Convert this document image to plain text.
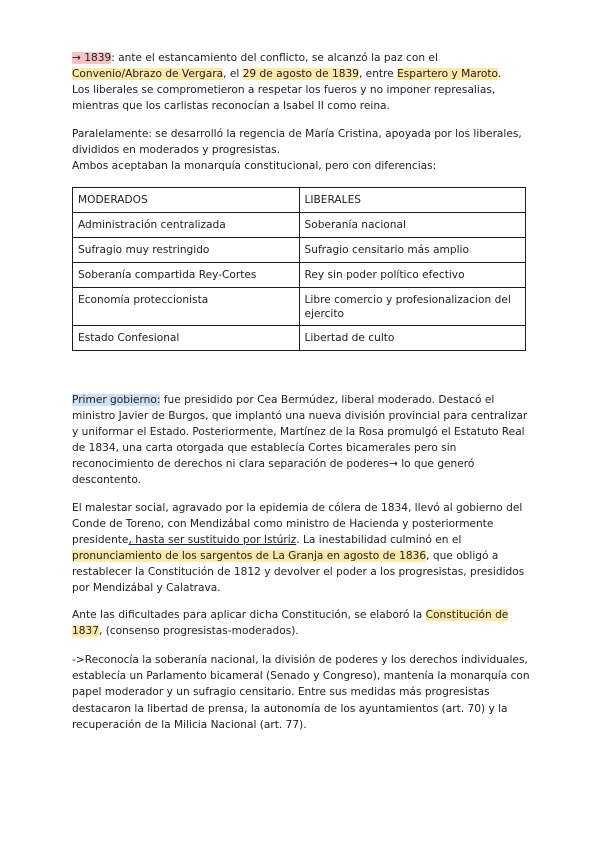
→ 1839: ante el estancamiento del conflicto, se alcanzó la paz con el Convenio/Abrazo de Vergara, el 29 de agosto de 1839, entre Espartero y Maroto.
Los liberales se comprometieron a respetar los fueros y no imponer represalias, mientras que los carlistas reconocían a Isabel II como reina.

Paralelamente: se desarrolló la regencia de María Cristina, apoyada por los liberales, divididos en moderados y progresistas.
Ambos aceptaban la monarquía constitucional, pero con diferencias:

MODERADOS	LIBERALES
Administración centralizada	Soberanía nacional
Sufragio muy restringido	Sufragio censitario más amplio
Soberanía compartida Rey-Cortes	Rey sin poder político efectivo
Economía proteccionista	Libre comercio y profesionalizacion del ejercito
Estado Confesional	Libertad de culto

Primer gobierno: fue presidido por Cea Bermúdez, liberal moderado. Destacó el ministro Javier de Burgos, que implantó una nueva división provincial para centralizar y uniformar el Estado. Posteriormente, Martínez de la Rosa promulgó el Estatuto Real de 1834, una carta otorgada que establecía Cortes bicamerales pero sin reconocimiento de derechos ni clara separación de poderes→ lo que generó descontento.

El malestar social, agravado por la epidemia de cólera de 1834, llevó al gobierno del Conde de Toreno, con Mendizábal como ministro de Hacienda y posteriormente presidente, hasta ser sustituido por Istúriz. La inestabilidad culminó en el pronunciamiento de los sargentos de La Granja en agosto de 1836, que obligó a restablecer la Constitución de 1812 y devolver el poder a los progresistas, presididos por Mendizábal y Calatrava.

Ante las dificultades para aplicar dicha Constitución, se elaboró la Constitución de 1837, (consenso progresistas-moderados).

->Reconocía la soberanía nacional, la división de poderes y los derechos individuales, establecía un Parlamento bicameral (Senado y Congreso), mantenía la monarquía con papel moderador y un sufragio censitario. Entre sus medidas más progresistas destacaron la libertad de prensa, la autonomía de los ayuntamientos (art. 70) y la recuperación de la Milicia Nacional (art. 77).
